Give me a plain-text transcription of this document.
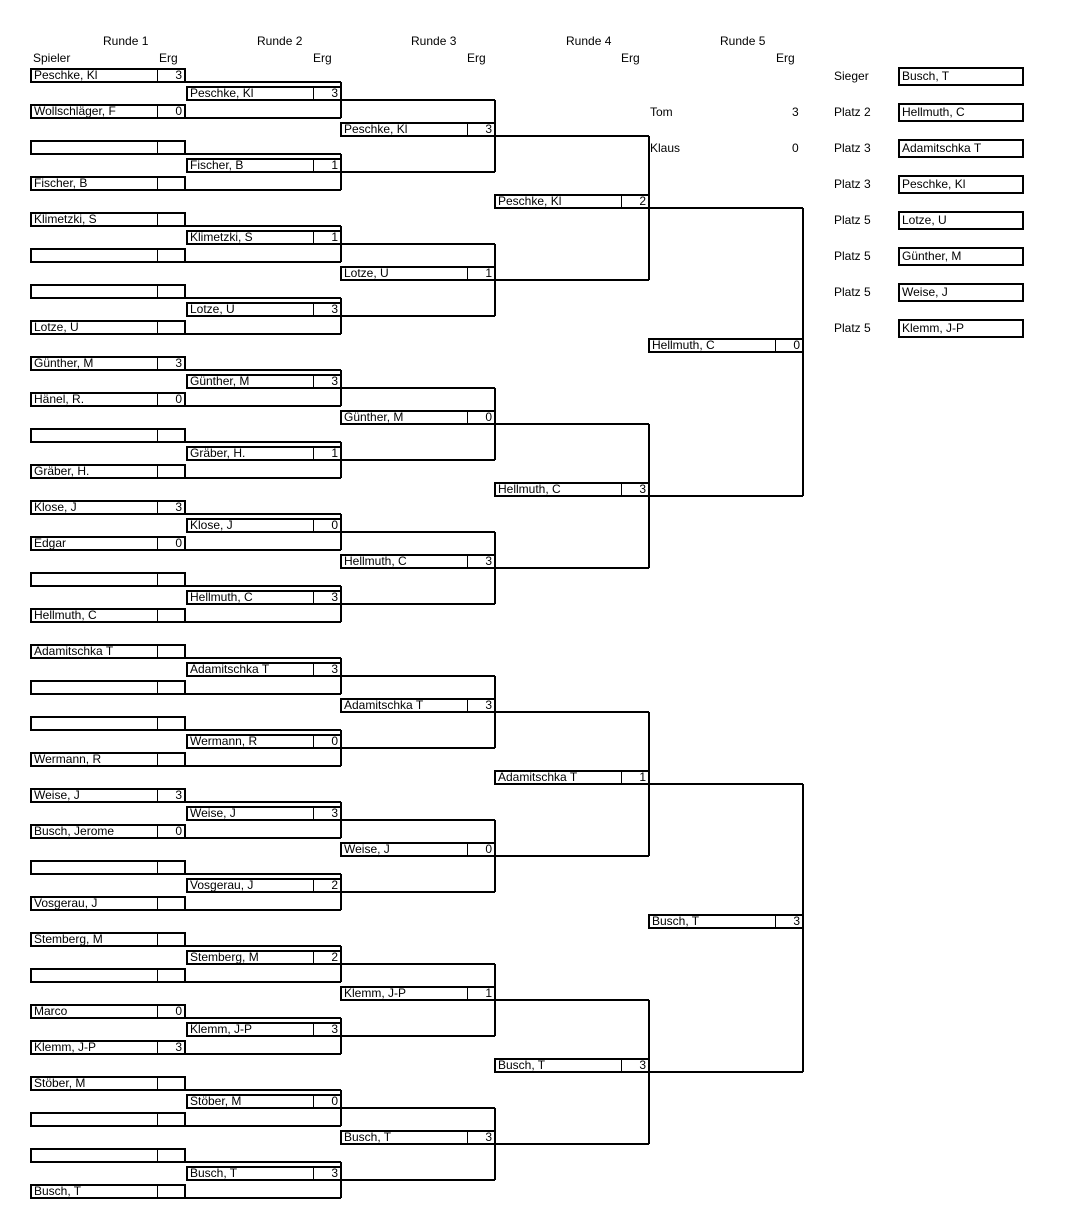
Runde 1	Runde 2	Runde 3	Runde 4	Runde 5
Spieler	Erg	Erg	Erg	Erg	Erg
Tom	3
Klaus	0
Sieger	Busch, T
Platz 2	Hellmuth, C
Platz 3	Adamitschka T
Platz 3	Peschke, Kl
Platz 5	Lotze, U
Platz 5	Günther, M
Platz 5	Weise, J
Platz 5	Klemm, J-P
Peschke, Kl	3
Wollschläger, F	0
Fischer, B
Klimetzki, S
Lotze, U
Günther, M	3
Hänel, R.	0
Gräber, H.
Klose, J	3
Edgar	0
Hellmuth, C
Adamitschka T
Wermann, R
Weise, J	3
Busch, Jerome	0
Vosgerau, J
Stemberg, M
Marco	0
Klemm, J-P	3
Stöber, M
Busch, T
Peschke, Kl	3
Fischer, B	1
Klimetzki, S	1
Lotze, U	3
Günther, M	3
Gräber, H.	1
Klose, J	0
Hellmuth, C	3
Adamitschka T	3
Wermann, R	0
Weise, J	3
Vosgerau, J	2
Stemberg, M	2
Klemm, J-P	3
Stöber, M	0
Busch, T	3
Peschke, Kl	3
Lotze, U	1
Günther, M	0
Hellmuth, C	3
Adamitschka T	3
Weise, J	0
Klemm, J-P	1
Busch, T	3
Peschke, Kl	2
Hellmuth, C	3
Adamitschka T	1
Busch, T	3
Hellmuth, C	0
Busch, T	3
